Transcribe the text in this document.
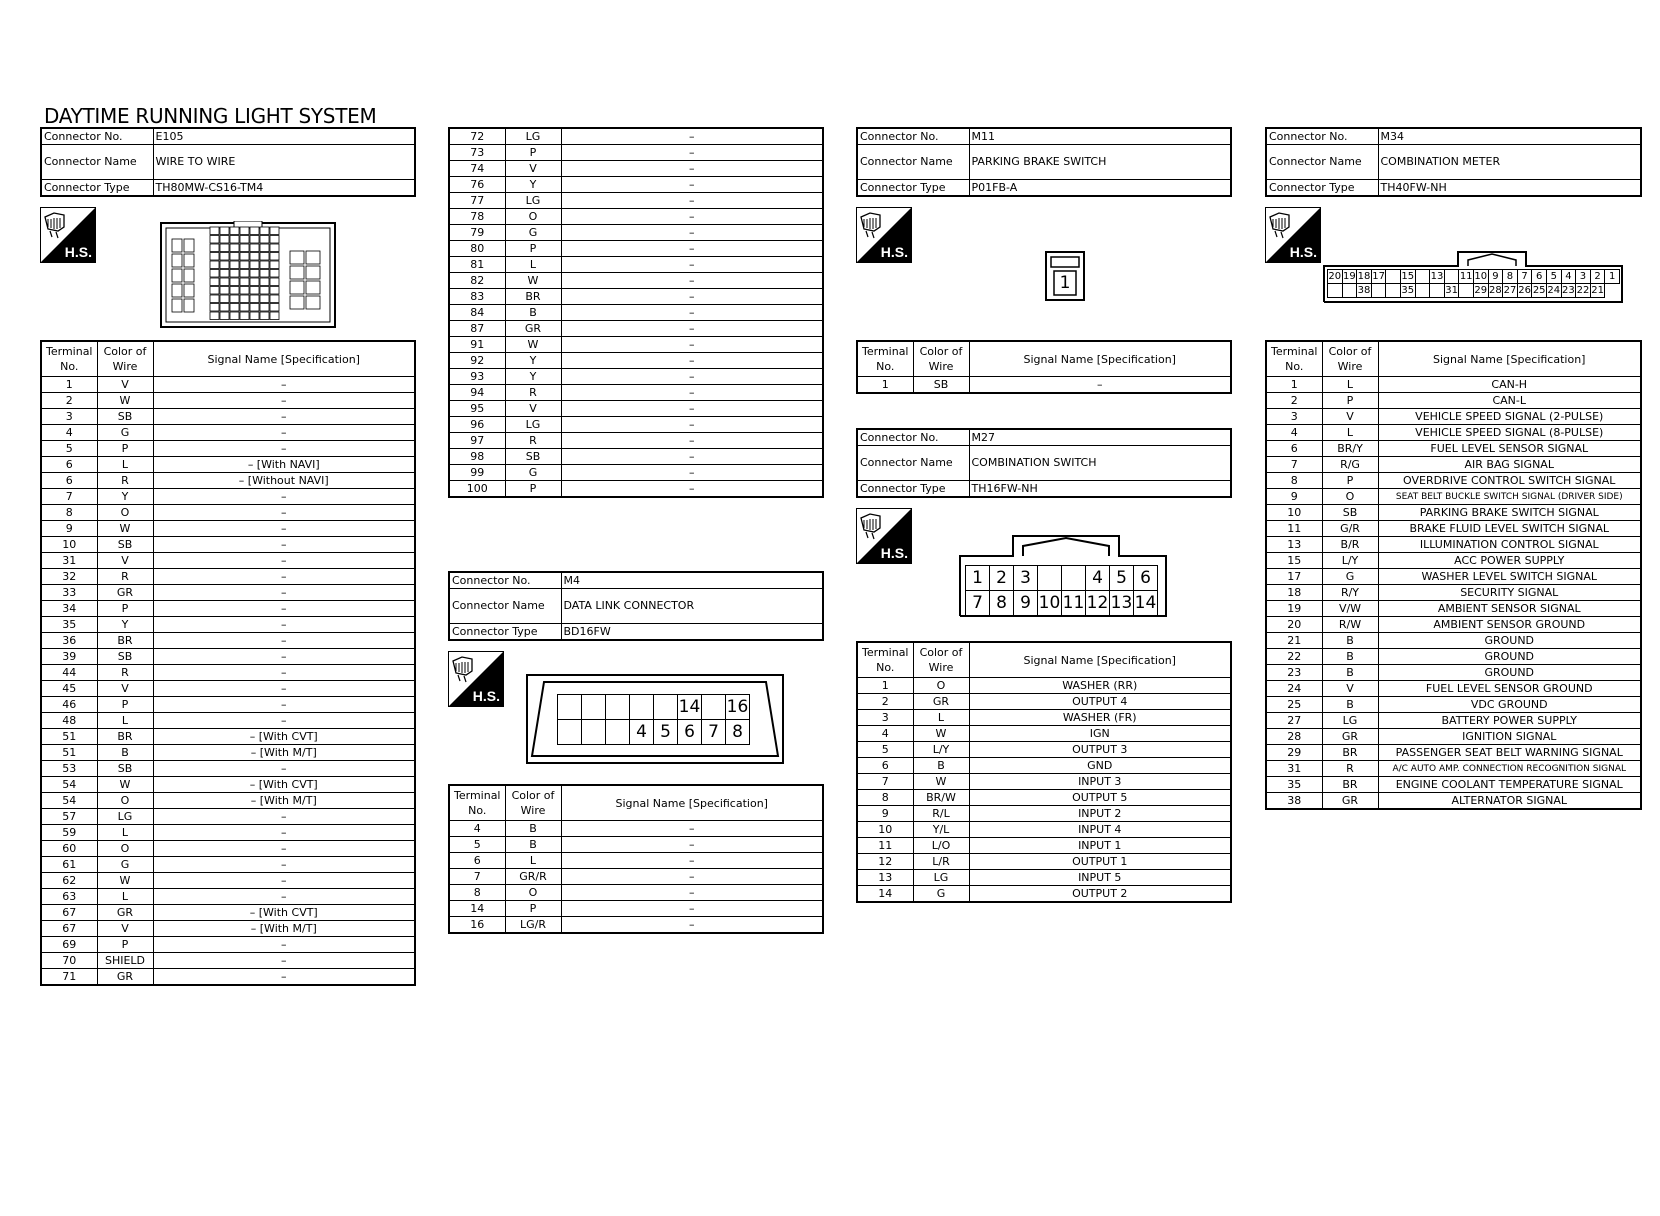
DAYTIME RUNNING LIGHT SYSTEM
Connector No.	E105
Connector Name	WIRE TO WIRE
Connector Type	TH80MW-CS16-TM4
H.S.
Terminal No.	Color of Wire	Signal Name [Specification]
1	V	–
2	W	–
3	SB	–
4	G	–
5	P	–
6	L	– [With NAVI]
6	R	– [Without NAVI]
7	Y	–
8	O	–
9	W	–
10	SB	–
31	V	–
32	R	–
33	GR	–
34	P	–
35	Y	–
36	BR	–
39	SB	–
44	R	–
45	V	–
46	P	–
48	L	–
51	BR	– [With CVT]
51	B	– [With M/T]
53	SB	–
54	W	– [With CVT]
54	O	– [With M/T]
57	LG	–
59	L	–
60	O	–
61	G	–
62	W	–
63	L	–
67	GR	– [With CVT]
67	V	– [With M/T]
69	P	–
70	SHIELD	–
71	GR	–
72	LG	–
73	P	–
74	V	–
76	Y	–
77	LG	–
78	O	–
79	G	–
80	P	–
81	L	–
82	W	–
83	BR	–
84	B	–
87	GR	–
91	W	–
92	Y	–
93	Y	–
94	R	–
95	V	–
96	LG	–
97	R	–
98	SB	–
99	G	–
100	P	–
Connector No.	M4
Connector Name	DATA LINK CONNECTOR
Connector Type	BD16FW
H.S.
14 16
4 5 6 7 8
Terminal No.	Color of Wire	Signal Name [Specification]
4	B	–
5	B	–
6	L	–
7	GR/R	–
8	O	–
14	P	–
16	LG/R	–
Connector No.	M11
Connector Name	PARKING BRAKE SWITCH
Connector Type	P01FB-A
H.S.
1
Terminal No.	Color of Wire	Signal Name [Specification]
1	SB	–
Connector No.	M27
Connector Name	COMBINATION SWITCH
Connector Type	TH16FW-NH
H.S.
1 2 3	4 5 6
7 8 9 10 11 12 13 14
Terminal No.	Color of Wire	Signal Name [Specification]
1	O	WASHER (RR)
2	GR	OUTPUT 4
3	L	WASHER (FR)
4	W	IGN
5	L/Y	OUTPUT 3
6	B	GND
7	W	INPUT 3
8	BR/W	OUTPUT 5
9	R/L	INPUT 2
10	Y/L	INPUT 4
11	L/O	INPUT 1
12	L/R	OUTPUT 1
13	LG	INPUT 5
14	G	OUTPUT 2
Connector No.	M34
Connector Name	COMBINATION METER
Connector Type	TH40FW-NH
H.S.
20 19 18 17 15 13 11 10 9 8 7 6 5 4 3 2 1
38	35	31 29 28 27 26 25 24 23 22 21
Terminal No.	Color of Wire	Signal Name [Specification]
1	L	CAN-H
2	P	CAN-L
3	V	VEHICLE SPEED SIGNAL (2-PULSE)
4	L	VEHICLE SPEED SIGNAL (8-PULSE)
6	BR/Y	FUEL LEVEL SENSOR SIGNAL
7	R/G	AIR BAG SIGNAL
8	P	OVERDRIVE CONTROL SWITCH SIGNAL
9	O	SEAT BELT BUCKLE SWITCH SIGNAL (DRIVER SIDE)
10	SB	PARKING BRAKE SWITCH SIGNAL
11	G/R	BRAKE FLUID LEVEL SWITCH SIGNAL
13	B/R	ILLUMINATION CONTROL SIGNAL
15	L/Y	ACC POWER SUPPLY
17	G	WASHER LEVEL SWITCH SIGNAL
18	R/Y	SECURITY SIGNAL
19	V/W	AMBIENT SENSOR SIGNAL
20	R/W	AMBIENT SENSOR GROUND
21	B	GROUND
22	B	GROUND
23	B	GROUND
24	V	FUEL LEVEL SENSOR GROUND
25	B	VDC GROUND
27	LG	BATTERY POWER SUPPLY
28	GR	IGNITION SIGNAL
29	BR	PASSENGER SEAT BELT WARNING SIGNAL
31	R	A/C AUTO AMP. CONNECTION RECOGNITION SIGNAL
35	BR	ENGINE COOLANT TEMPERATURE SIGNAL
38	GR	ALTERNATOR SIGNAL
